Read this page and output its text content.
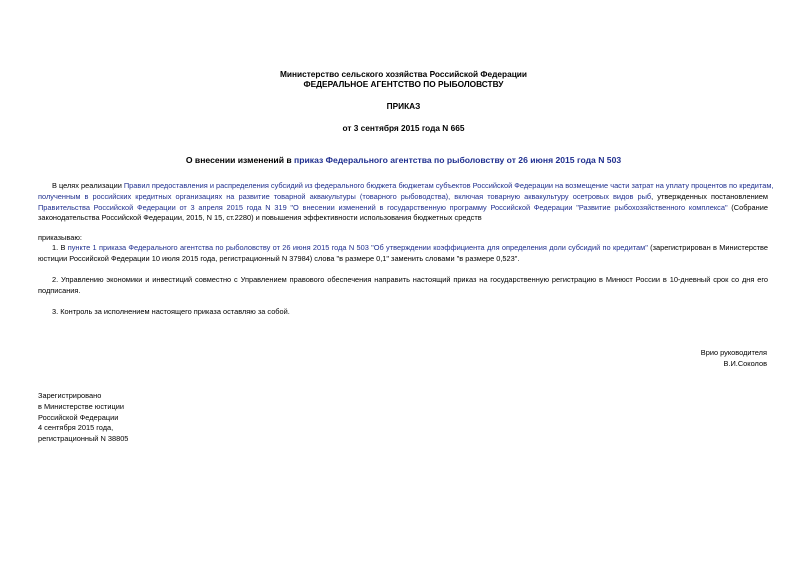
Министерство сельского хозяйства Российской Федерации
ФЕДЕРАЛЬНОЕ АГЕНТСТВО ПО РЫБОЛОВСТВУ
ПРИКАЗ
от 3 сентября 2015 года N 665
О внесении изменений в приказ Федерального агентства по рыболовству от 26 июня 2015 года N 503
В целях реализации Правил предоставления и распределения субсидий из федерального бюджета бюджетам субъектов Российской Федерации на возмещение части затрат на уплату процентов по кредитам,
полученным в российских кредитных организациях на развитие товарной аквакультуры (товарного рыбоводства), включая товарную аквакультуру осетровых видов рыб, утвержденных постановлением
Правительства Российской Федерации от 3 апреля 2015 года N 319 "О внесении изменений в государственную программу Российской Федерации "Развитие рыбохозяйственного комплекса" (Собрание
законодательства Российской Федерации, 2015, N 15, ст.2280) и повышения эффективности использования бюджетных средств
приказываю:
1. В пункте 1 приказа Федерального агентства по рыболовству от 26 июня 2015 года N 503 "Об утверждении коэффициента для определения доли субсидий по кредитам" (зарегистрирован в Министерстве
юстиции Российской Федерации 10 июля 2015 года, регистрационный N 37984) слова "в размере 0,1" заменить словами "в размере 0,523".
2. Управлению экономики и инвестиций совместно с Управлением правового обеспечения направить настоящий приказ на государственную регистрацию в Минюст России в 10-дневный срок со дня его
подписания.
3. Контроль за исполнением настоящего приказа оставляю за собой.
Врио руководителя
В.И.Соколов
Зарегистрировано
в Министерстве юстиции
Российской Федерации
4 сентября 2015 года,
регистрационный N 38805
